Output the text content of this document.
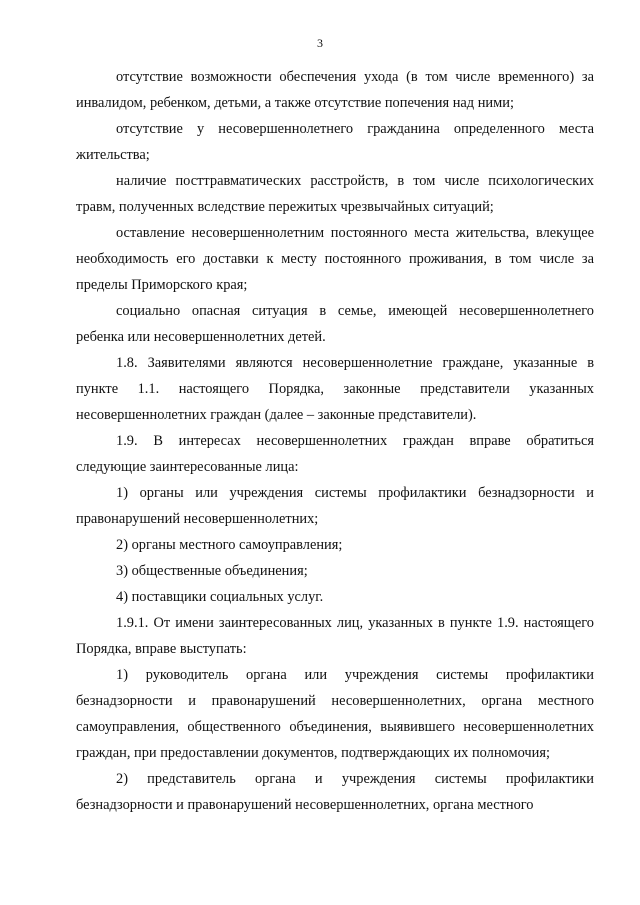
3

отсутствие возможности обеспечения ухода (в том числе временного) за инвалидом, ребенком, детьми, а также отсутствие попечения над ними;

отсутствие у несовершеннолетнего гражданина определенного места жительства;

наличие посттравматических расстройств, в том числе психологических травм, полученных вследствие пережитых чрезвычайных ситуаций;

оставление несовершеннолетним постоянного места жительства, влекущее необходимость его доставки к месту постоянного проживания, в том числе за пределы Приморского края;

социально опасная ситуация в семье, имеющей несовершеннолетнего ребенка или несовершеннолетних детей.

1.8. Заявителями являются несовершеннолетние граждане, указанные в пункте 1.1. настоящего Порядка, законные представители указанных несовершеннолетних граждан (далее – законные представители).

1.9. В интересах несовершеннолетних граждан вправе обратиться следующие заинтересованные лица:

1) органы или учреждения системы профилактики безнадзорности и правонарушений несовершеннолетних;

2) органы местного самоуправления;

3) общественные объединения;

4) поставщики социальных услуг.

1.9.1. От имени заинтересованных лиц, указанных в пункте 1.9. настоящего Порядка, вправе выступать:

1) руководитель органа или учреждения системы профилактики безнадзорности и правонарушений несовершеннолетних, органа местного самоуправления, общественного объединения, выявившего несовершеннолетних граждан, при предоставлении документов, подтверждающих их полномочия;

2) представитель органа и учреждения системы профилактики безнадзорности и правонарушений несовершеннолетних, органа местного
